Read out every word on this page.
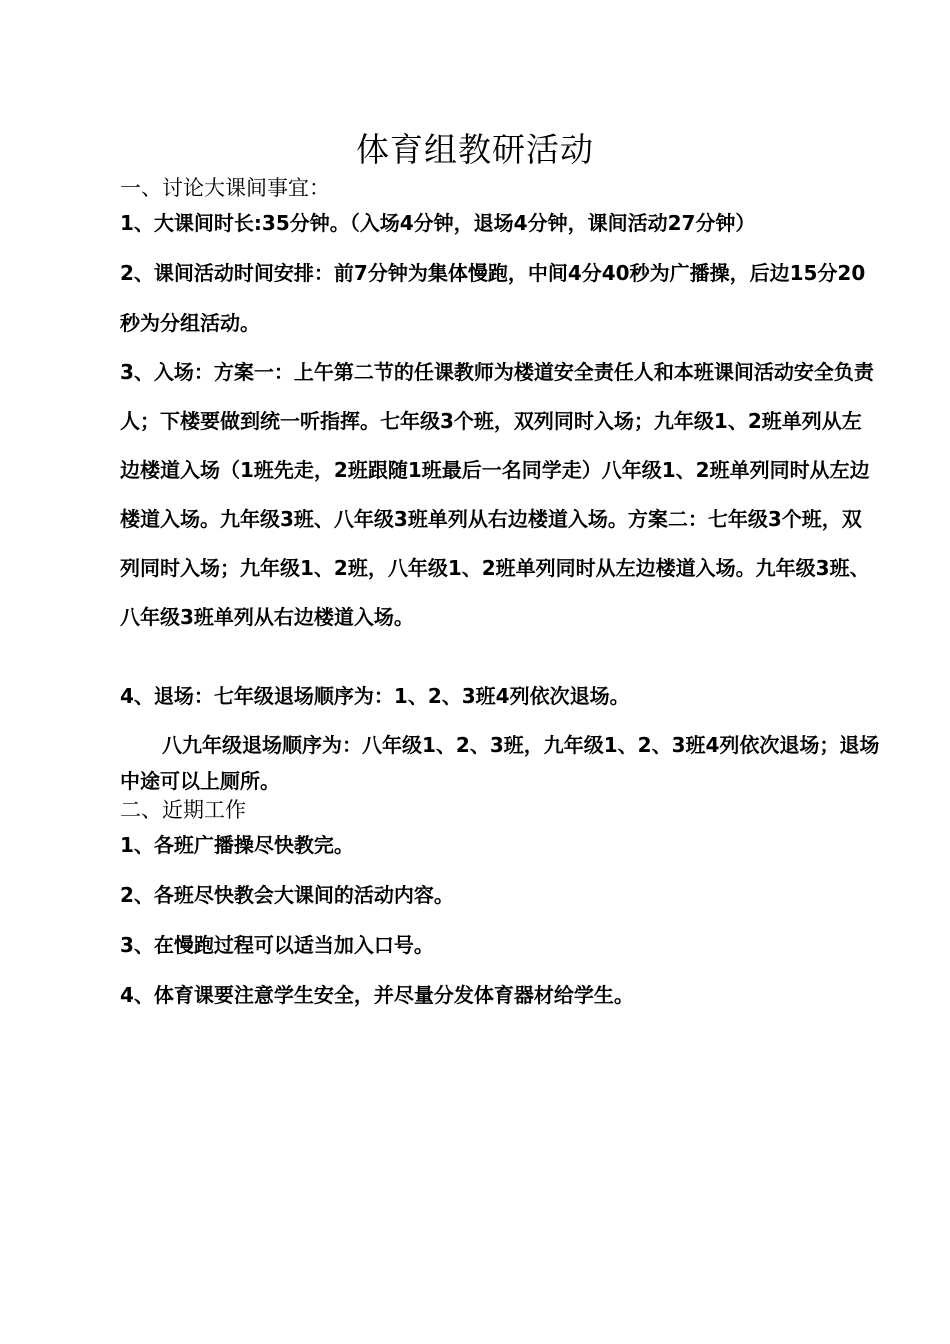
体育组教研活动
一、讨论大课间事宜：

1、大课间时长:35分钟。（入场4分钟，退场4分钟，课间活动27分钟）

2、课间活动时间安排：前7分钟为集体慢跑，中间4分40秒为广播操，后边15分20秒为分组活动。

3、入场：方案一：上午第二节的任课教师为楼道安全责任人和本班课间活动安全负责人；下楼要做到统一听指挥。七年级3个班，双列同时入场；九年级1、2班单列从左边楼道入场（1班先走，2班跟随1班最后一名同学走）八年级1、2班单列同时从左边楼道入场。九年级3班、八年级3班单列从右边楼道入场。方案二：七年级3个班，双列同时入场；九年级1、2班，八年级1、2班单列同时从左边楼道入场。九年级3班、八年级3班单列从右边楼道入场。

4、退场：七年级退场顺序为：1、2、3班4列依次退场。

八九年级退场顺序为：八年级1、2、3班，九年级1、2、3班4列依次退场；退场中途可以上厕所。

二、近期工作

1、各班广播操尽快教完。

2、各班尽快教会大课间的活动内容。

3、在慢跑过程可以适当加入口号。

4、体育课要注意学生安全，并尽量分发体育器材给学生。
